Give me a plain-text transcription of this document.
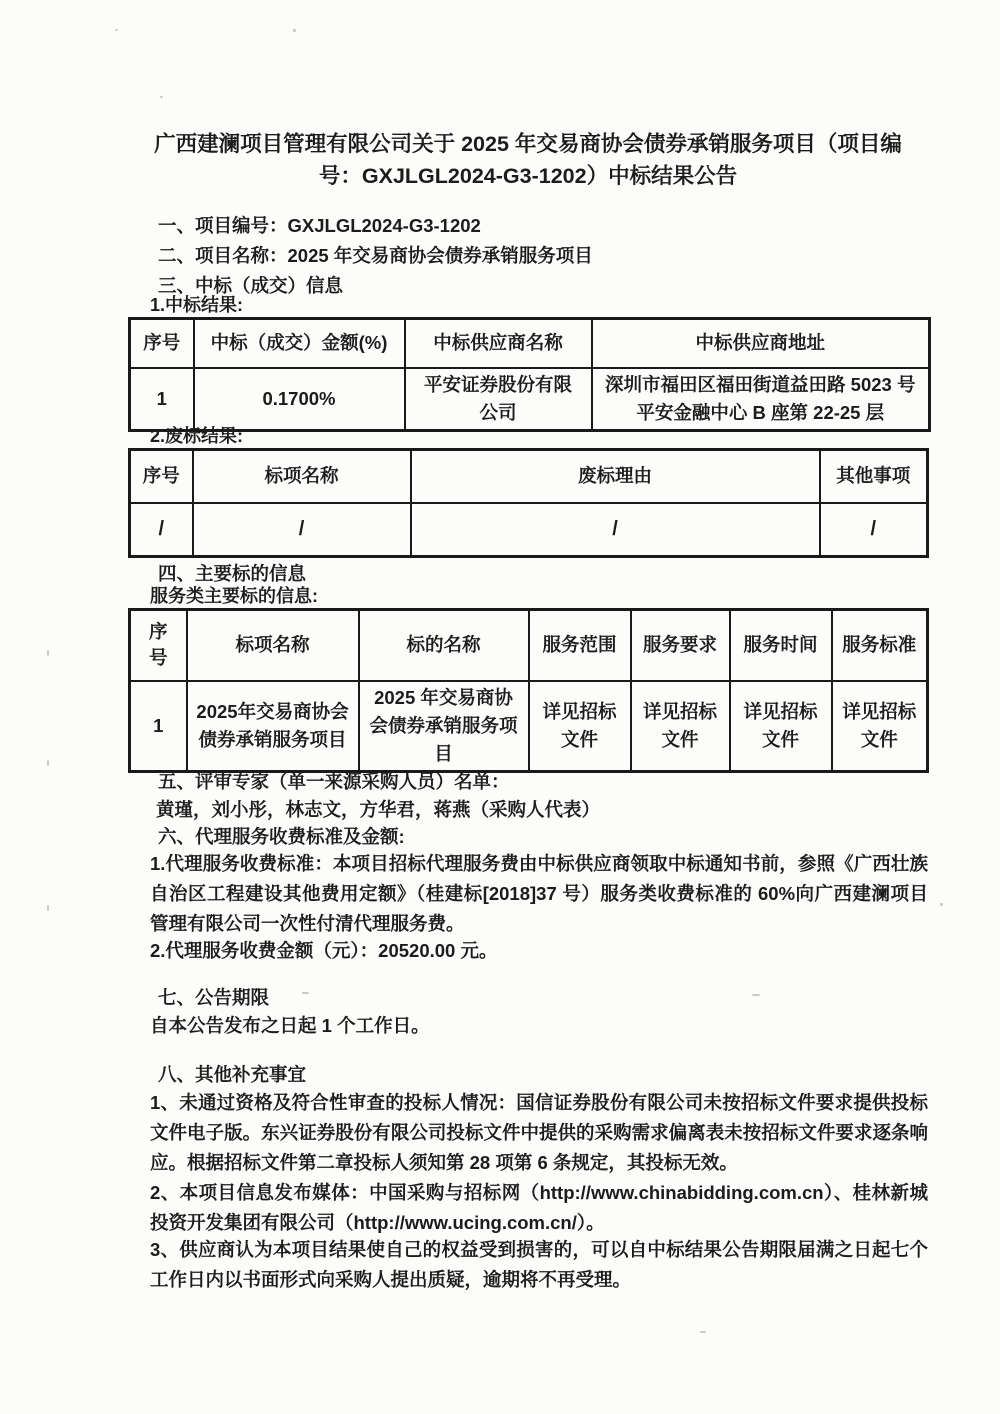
广西建澜项目管理有限公司关于 2025 年交易商协会债券承销服务项目（项目编
号：GXJLGL2024-G3-1202）中标结果公告
一、项目编号：GXJLGL2024-G3-1202
二、项目名称：2025 年交易商协会债券承销服务项目
三、中标（成交）信息
1.中标结果:
序号	中标（成交）金额(%)	中标供应商名称	中标供应商地址
1	0.1700%	平安证券股份有限公司	深圳市福田区福田街道益田路 5023 号平安金融中心 B 座第 22-25 层
2.废标结果:
序号	标项名称	废标理由	其他事项
/	/	/	/
四、主要标的信息
服务类主要标的信息:
序号	标项名称	标的名称	服务范围	服务要求	服务时间	服务标准
1	2025年交易商协会债券承销服务项目	2025 年交易商协会债券承销服务项目	详见招标文件	详见招标文件	详见招标文件	详见招标文件
五、评审专家（单一来源采购人员）名单：
黄瑾，刘小彤，林志文，方华君，蒋燕（采购人代表）
六、代理服务收费标准及金额:
1.代理服务收费标准：本项目招标代理服务费由中标供应商领取中标通知书前，参照《广西壮族自治区工程建设其他费用定额》（桂建标[2018]37 号）服务类收费标准的 60%向广西建澜项目管理有限公司一次性付清代理服务费。
2.代理服务收费金额（元）：20520.00 元。
七、公告期限
自本公告发布之日起 1 个工作日。
八、其他补充事宜
1、未通过资格及符合性审查的投标人情况：国信证券股份有限公司未按招标文件要求提供投标文件电子版。东兴证券股份有限公司投标文件中提供的采购需求偏离表未按招标文件要求逐条响应。根据招标文件第二章投标人须知第 28 项第 6 条规定，其投标无效。
2、本项目信息发布媒体：中国采购与招标网（http://www.chinabidding.com.cn）、桂林新城投资开发集团有限公司（http://www.ucing.com.cn/）。
3、供应商认为本项目结果使自己的权益受到损害的，可以自中标结果公告期限届满之日起七个工作日内以书面形式向采购人提出质疑，逾期将不再受理。
